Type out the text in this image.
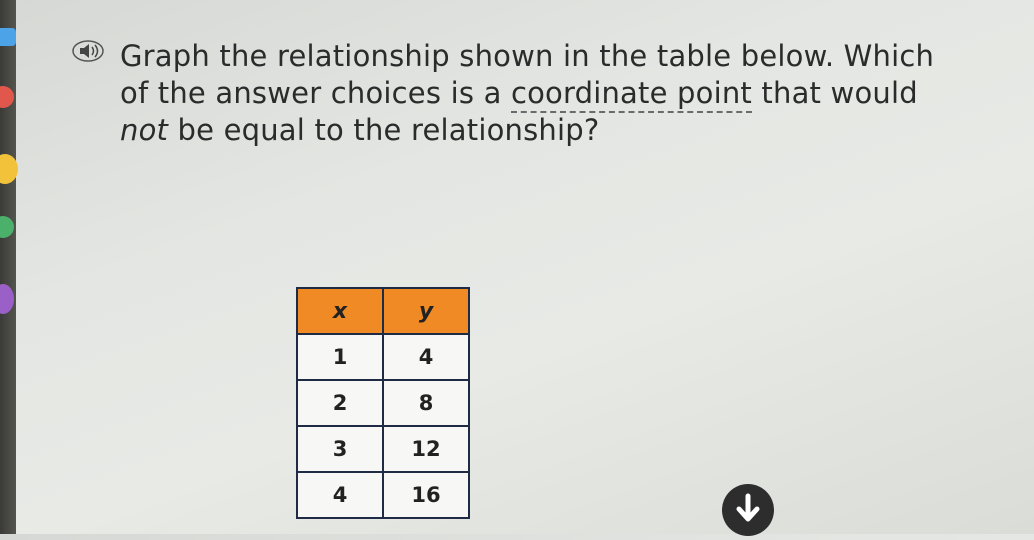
Graph the relationship shown in the table below. Which
of the answer choices is a coordinate point that would
not be equal to the relationship?
x	y
1	4
2	8
3	12
4	16
